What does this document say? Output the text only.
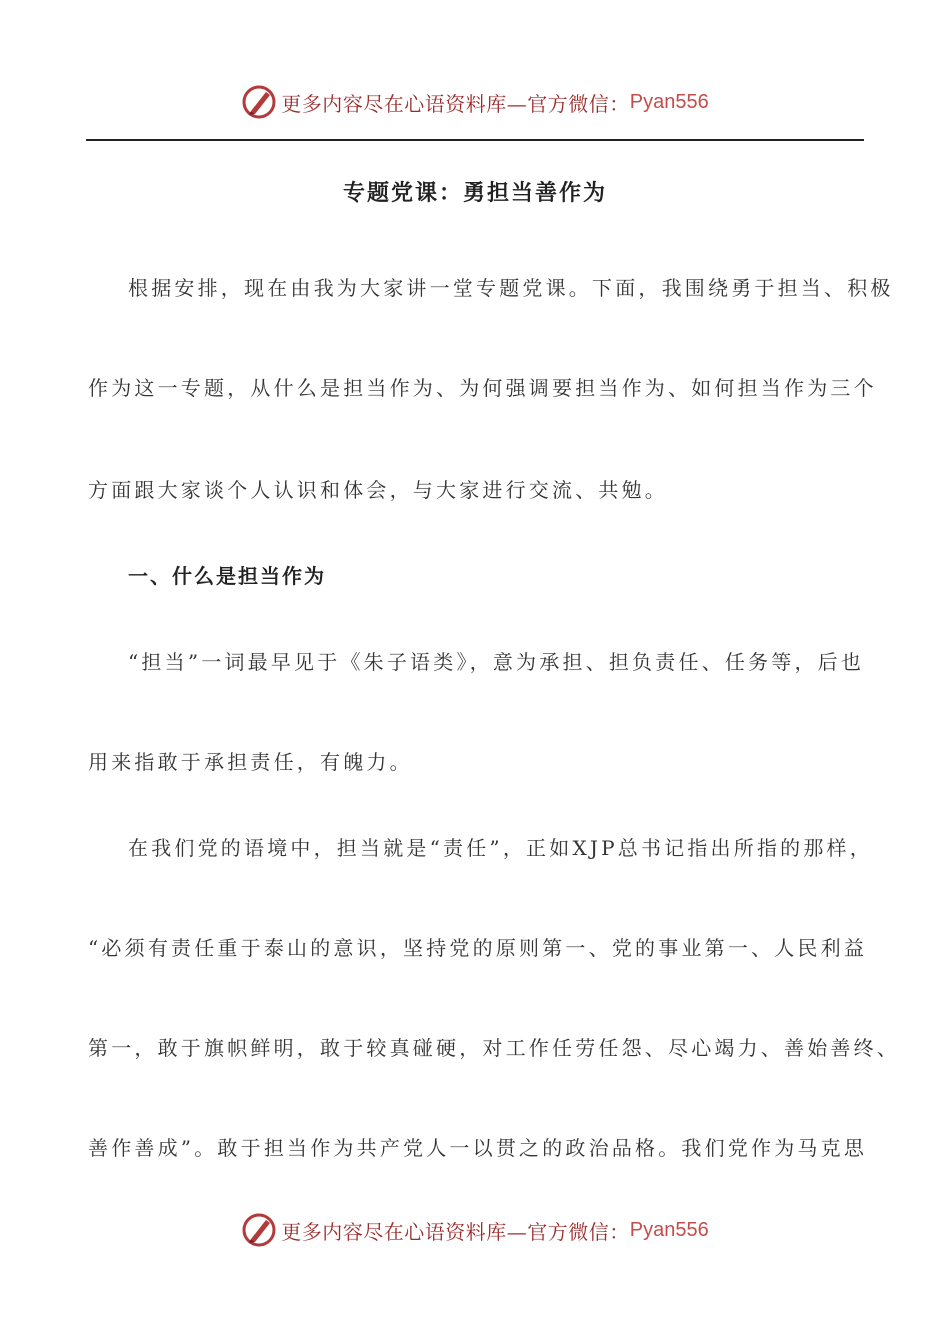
更多内容尽在心语资料库—官方微信： Pyan556
专题党课：勇担当善作为
根据安排，现在由我为大家讲一堂专题党课。下面，我围绕勇于担当、积极
作为这一专题，从什么是担当作为、为何强调要担当作为、如何担当作为三个
方面跟大家谈个人认识和体会，与大家进行交流、共勉。
一、什么是担当作为
“担当”一词最早见于《朱子语类》，意为承担、担负责任、任务等，后也
用来指敢于承担责任，有魄力。
在我们党的语境中，担当就是“责任”，正如XJP总书记指出所指的那样，
“必须有责任重于泰山的意识，坚持党的原则第一、党的事业第一、人民利益
第一，敢于旗帜鲜明，敢于较真碰硬，对工作任劳任怨、尽心竭力、善始善终、
善作善成”。敢于担当作为共产党人一以贯之的政治品格。我们党作为马克思
更多内容尽在心语资料库—官方微信： Pyan556
